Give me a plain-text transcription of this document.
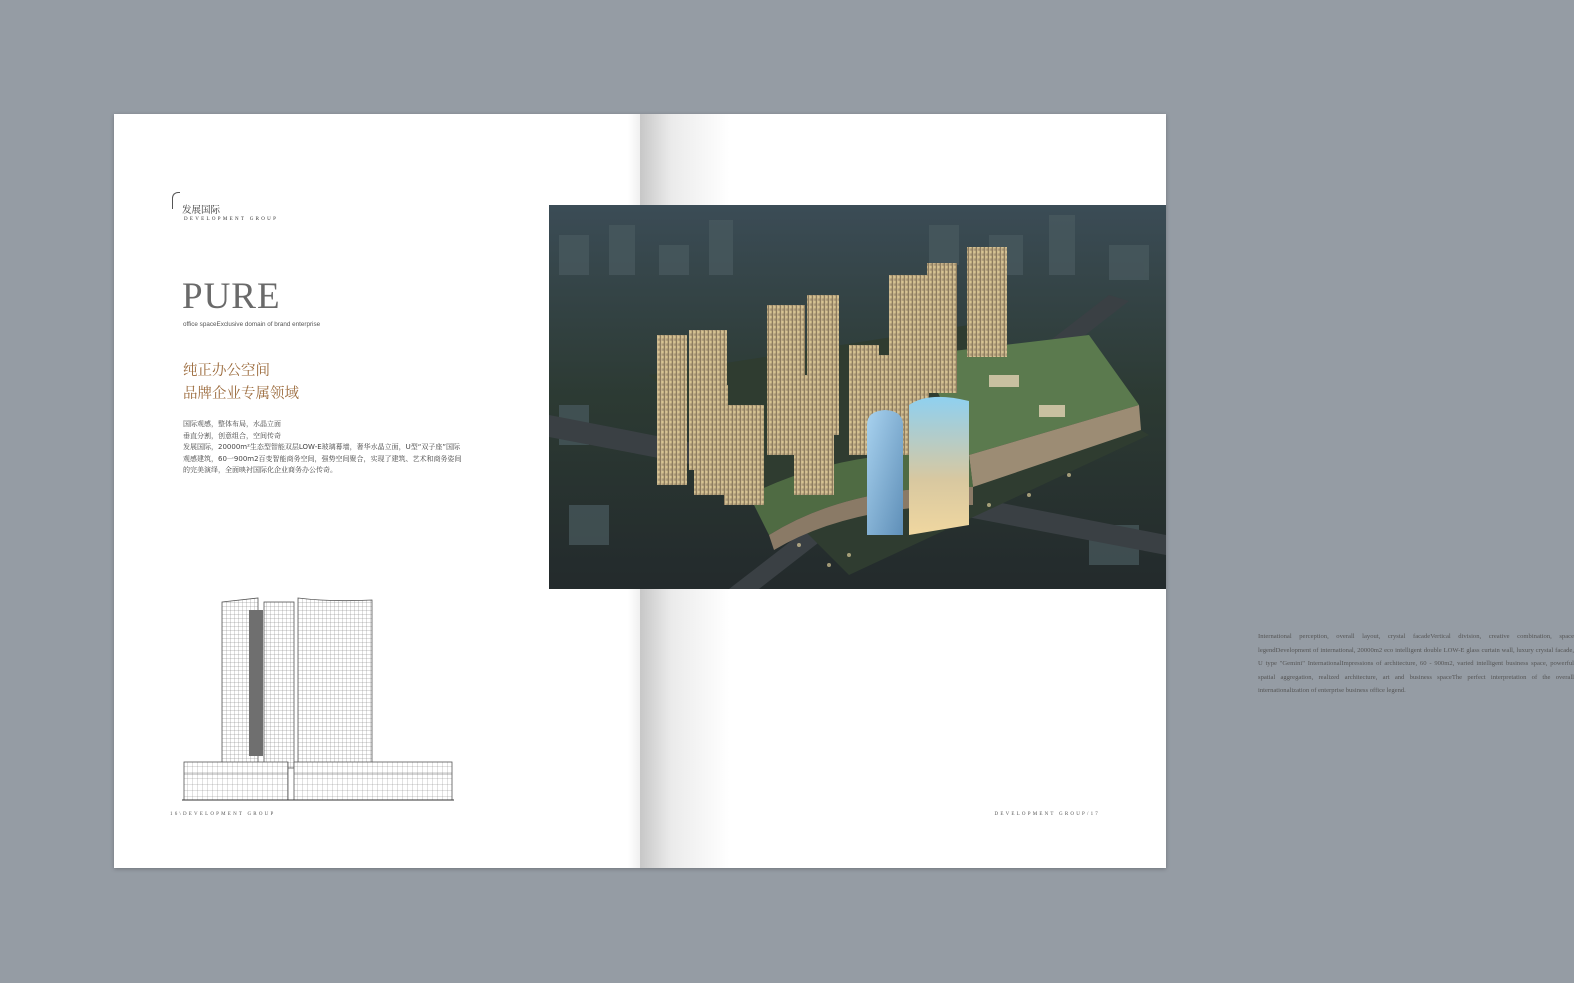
发展国际
DEVELOPMENT GROUP
PURE
office spaceExclusive domain of brand enterprise
纯正办公空间
品牌企业专属领域
国际观感，整体布局，水晶立面
垂直分割，创意组合，空间传奇
发展国际，20000m²生态型智能双层LOW-E玻璃幕墙，奢华水晶立面，U型“双子座”国际
观感建筑，60一900m2百变智能商务空间，强势空间聚合，实现了建筑、艺术和商务姿间
的完美演绎，全面映衬国际化企业商务办公传奇。
16\DEVELOPMENT GROUP
International perception, overall layout, crystal facadeVertical division, creative combination, space legendDevelopment of international, 20000m2 eco intelligent double LOW-E glass curtain wall, luxury crystal facade, U type "Gemini" InternationalImpressions of architecture, 60 - 900m2, varied intelligent business space, powerful spatial aggregation, realized architecture, art and business spaceThe perfect interpretation of the overall internationalization of enterprise business office legend.
DEVELOPMENT GROUP/17
